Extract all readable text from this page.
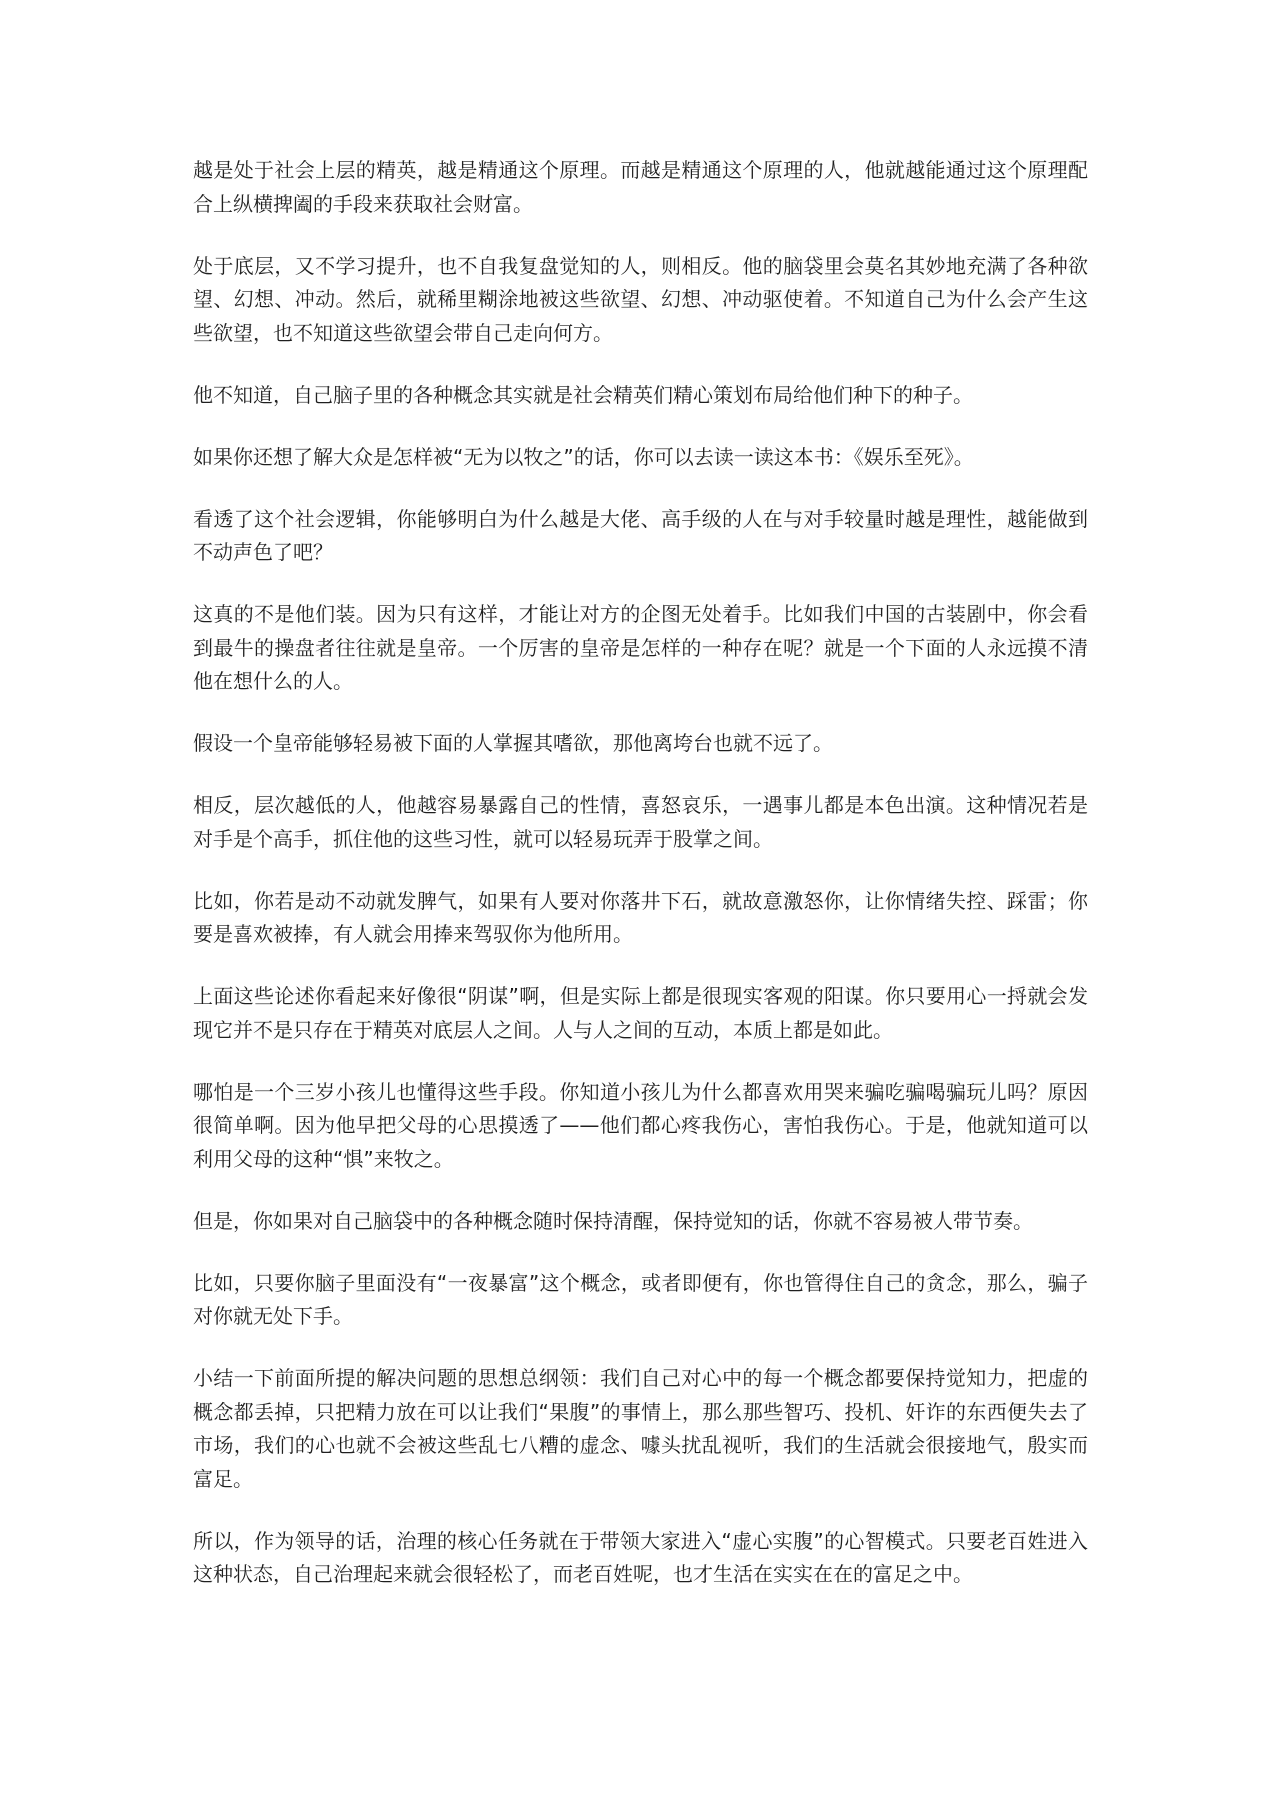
越是处于社会上层的精英，越是精通这个原理。而越是精通这个原理的人，他就越能通过这个原理配合上纵横捭阖的手段来获取社会财富。

处于底层，又不学习提升，也不自我复盘觉知的人，则相反。他的脑袋里会莫名其妙地充满了各种欲望、幻想、冲动。然后，就稀里糊涂地被这些欲望、幻想、冲动驱使着。不知道自己为什么会产生这些欲望，也不知道这些欲望会带自己走向何方。

他不知道，自己脑子里的各种概念其实就是社会精英们精心策划布局给他们种下的种子。

如果你还想了解大众是怎样被“无为以牧之”的话，你可以去读一读这本书：《娱乐至死》。

看透了这个社会逻辑，你能够明白为什么越是大佬、高手级的人在与对手较量时越是理性，越能做到不动声色了吧？

这真的不是他们装。因为只有这样，才能让对方的企图无处着手。比如我们中国的古装剧中，你会看到最牛的操盘者往往就是皇帝。一个厉害的皇帝是怎样的一种存在呢？就是一个下面的人永远摸不清他在想什么的人。

假设一个皇帝能够轻易被下面的人掌握其嗜欲，那他离垮台也就不远了。

相反，层次越低的人，他越容易暴露自己的性情，喜怒哀乐，一遇事儿都是本色出演。这种情况若是对手是个高手，抓住他的这些习性，就可以轻易玩弄于股掌之间。

比如，你若是动不动就发脾气，如果有人要对你落井下石，就故意激怒你，让你情绪失控、踩雷；你要是喜欢被捧，有人就会用捧来驾驭你为他所用。

上面这些论述你看起来好像很“阴谋”啊，但是实际上都是很现实客观的阳谋。你只要用心一捋就会发现它并不是只存在于精英对底层人之间。人与人之间的互动，本质上都是如此。

哪怕是一个三岁小孩儿也懂得这些手段。你知道小孩儿为什么都喜欢用哭来骗吃骗喝骗玩儿吗？原因很简单啊。因为他早把父母的心思摸透了——他们都心疼我伤心，害怕我伤心。于是，他就知道可以利用父母的这种“惧”来牧之。

但是，你如果对自己脑袋中的各种概念随时保持清醒，保持觉知的话，你就不容易被人带节奏。

比如，只要你脑子里面没有“一夜暴富”这个概念，或者即便有，你也管得住自己的贪念，那么，骗子对你就无处下手。

小结一下前面所提的解决问题的思想总纲领：我们自己对心中的每一个概念都要保持觉知力，把虚的概念都丢掉，只把精力放在可以让我们“果腹”的事情上，那么那些智巧、投机、奸诈的东西便失去了市场，我们的心也就不会被这些乱七八糟的虚念、噱头扰乱视听，我们的生活就会很接地气，殷实而富足。

所以，作为领导的话，治理的核心任务就在于带领大家进入“虚心实腹”的心智模式。只要老百姓进入这种状态，自己治理起来就会很轻松了，而老百姓呢，也才生活在实实在在的富足之中。
